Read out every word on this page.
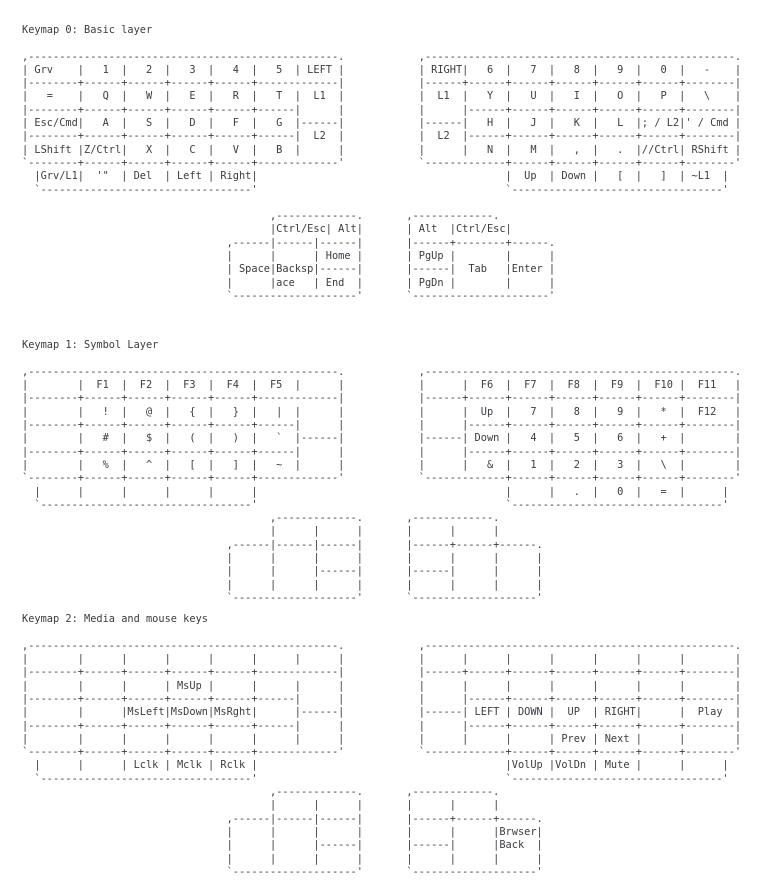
Keymap 0: Basic layer
,--------------------------------------------------.            ,--------------------------------------------------.
| Grv    |   1  |   2  |   3  |   4  |   5  | LEFT |            | RIGHT|   6  |   7  |   8  |   9  |   0  |   -    |
|--------+------+------+------+------+-------------|            |------+------+------+------+------+------+--------|
|   =    |   Q  |   W  |   E  |   R  |   T  |  L1  |            |  L1  |   Y  |   U  |   I  |   O  |   P  |   \    |
|--------+------+------+------+------+------|      |            |      |------+------+------+------+------+--------|
| Esc/Cmd|   A  |   S  |   D  |   F  |   G  |------|            |------|   H  |   J  |   K  |   L  |; / L2|' / Cmd |
|--------+------+------+------+------+------|  L2  |            |  L2  |------+------+------+------+------+--------|
| LShift |Z/Ctrl|   X  |   C  |   V  |   B  |      |            |      |   N  |   M  |   ,  |   .  |//Ctrl| RShift |
`--------+------+------+------+------+-------------'            `-------------+------+------+------+------+--------'
|Grv/L1|  '"  | Del  | Left | Right|                                        |  Up  | Down |   [  |   ]  | ~L1  |
`----------------------------------'                                        `----------------------------------'

,-------------.       ,-------------.
|Ctrl/Esc| Alt|       | Alt  |Ctrl/Esc|
,------|------|------|       |------+--------+------.
|      |      | Home |       | PgUp |        |      |
| Space|Backsp|------|       |------|  Tab   |Enter |
|      |ace   | End  |       | PgDn |        |      |
`--------------------'       `----------------------'
Keymap 1: Symbol Layer
,--------------------------------------------------.            ,--------------------------------------------------.
|        |  F1  |  F2  |  F3  |  F4  |  F5  |      |            |      |  F6  |  F7  |  F8  |  F9  |  F10 |  F11   |
|--------+------+------+------+------+-------------|            |------+------+------+------+------+------+--------|
|        |   !  |   @  |   {  |   }  |   |  |      |            |      |  Up  |   7  |   8  |   9  |   *  |  F12   |
|--------+------+------+------+------+------|      |            |      |------+------+------+------+------+--------|
|        |   #  |   $  |   (  |   )  |   `  |------|            |------| Down |   4  |   5  |   6  |   +  |        |
|--------+------+------+------+------+------|      |            |      |------+------+------+------+------+--------|
|        |   %  |   ^  |   [  |   ]  |   ~  |      |            |      |   &  |   1  |   2  |   3  |   \  |        |
`--------+------+------+------+------+-------------'            `-------------+------+------+------+------+--------'
|      |      |      |      |      |                                        |      |   .  |   0  |   =  |      |
`----------------------------------'                                        `----------------------------------'
,-------------.       ,-------------.
|      |      |       |      |      |
,------|------|------|       |------+------+------.
|      |      |      |       |      |      |      |
|      |      |------|       |------|      |      |
|      |      |      |       |      |      |      |
`--------------------'       `--------------------'
Keymap 2: Media and mouse keys
,--------------------------------------------------.            ,--------------------------------------------------.
|        |      |      |      |      |      |      |            |      |      |      |      |      |      |        |
|--------+------+------+------+------+-------------|            |------+------+------+------+------+------+--------|
|        |      |      | MsUp |      |      |      |            |      |      |      |      |      |      |        |
|--------+------+------+------+------+------|      |            |      |------+------+------+------+------+--------|
|        |      |MsLeft|MsDown|MsRght|      |------|            |------| LEFT | DOWN |  UP  | RIGHT|      |  Play  |
|--------+------+------+------+------+------|      |            |      |------+------+------+------+------+--------|
|        |      |      |      |      |      |      |            |      |      |      | Prev | Next |      |        |
`--------+------+------+------+------+-------------'            `-------------+------+------+------+------+--------'
|      |      | Lclk | Mclk | Rclk |                                        |VolUp |VolDn | Mute |      |      |
`----------------------------------'                                        `----------------------------------'
,-------------.       ,-------------.
|      |      |       |      |      |
,------|------|------|       |------+------+------.
|      |      |      |       |      |      |Brwser|
|      |      |------|       |------|      |Back  |
|      |      |      |       |      |      |      |
`--------------------'       `--------------------'
